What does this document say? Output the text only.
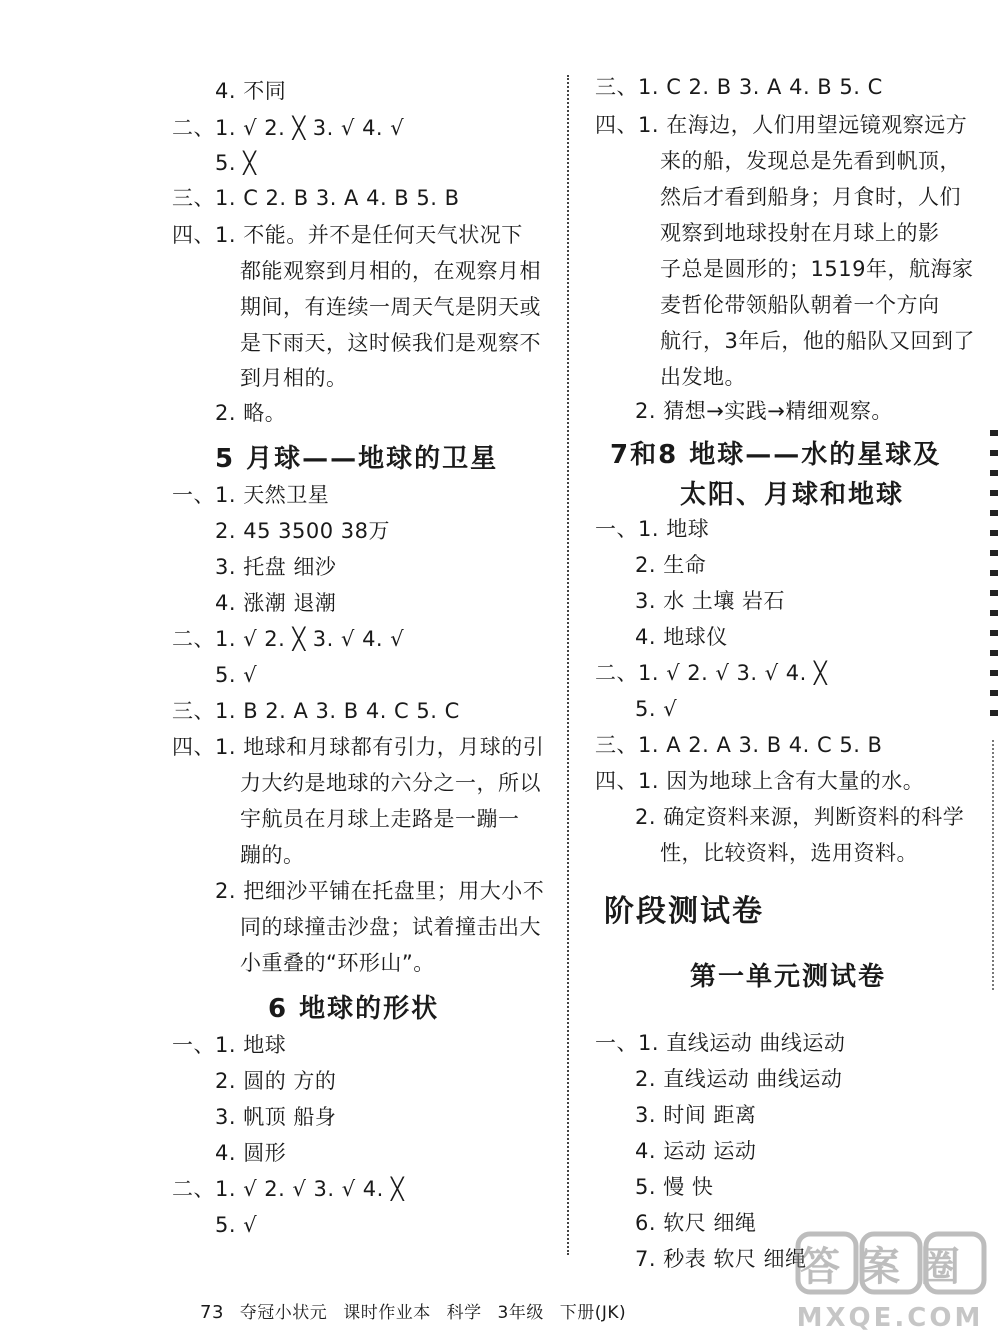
4. 不同
二、1. √ 2. ╳ 3. √ 4. √
5. ╳
三、1. C 2. B 3. A 4. B 5. B
四、1. 不能。并不是任何天气状况下
都能观察到月相的，在观察月相
期间，有连续一周天气是阴天或
是下雨天，这时候我们是观察不
到月相的。
2. 略。
5 月球——地球的卫星
一、1. 天然卫星
2. 45 3500 38万
3. 托盘 细沙
4. 涨潮 退潮
二、1. √ 2. ╳ 3. √ 4. √
5. √
三、1. B 2. A 3. B 4. C 5. C
四、1. 地球和月球都有引力，月球的引
力大约是地球的六分之一，所以
宇航员在月球上走路是一蹦一
蹦的。
2. 把细沙平铺在托盘里；用大小不
同的球撞击沙盘；试着撞击出大
小重叠的“环形山”。
6 地球的形状
一、1. 地球
2. 圆的 方的
3. 帆顶 船身
4. 圆形
二、1. √ 2. √ 3. √ 4. ╳
5. √
三、1. C 2. B 3. A 4. B 5. C
四、1. 在海边，人们用望远镜观察远方
来的船，发现总是先看到帆顶，
然后才看到船身；月食时，人们
观察到地球投射在月球上的影
子总是圆形的；1519年，航海家
麦哲伦带领船队朝着一个方向
航行，3年后，他的船队又回到了
出发地。
2. 猜想→实践→精细观察。
7和8 地球——水的星球及
太阳、月球和地球
一、1. 地球
2. 生命
3. 水 土壤 岩石
4. 地球仪
二、1. √ 2. √ 3. √ 4. ╳
5. √
三、1. A 2. A 3. B 4. C 5. B
四、1. 因为地球上含有大量的水。
2. 确定资料来源，判断资料的科学
性，比较资料，选用资料。
阶段测试卷
第一单元测试卷
一、1. 直线运动 曲线运动
2. 直线运动 曲线运动
3. 时间 距离
4. 运动 运动
5. 慢 快
6. 软尺 细绳
7. 秒表 软尺 细绳
73 夺冠小状元 课时作业本 科学 3年级 下册(JK)
答案圈
MXQE.COM
